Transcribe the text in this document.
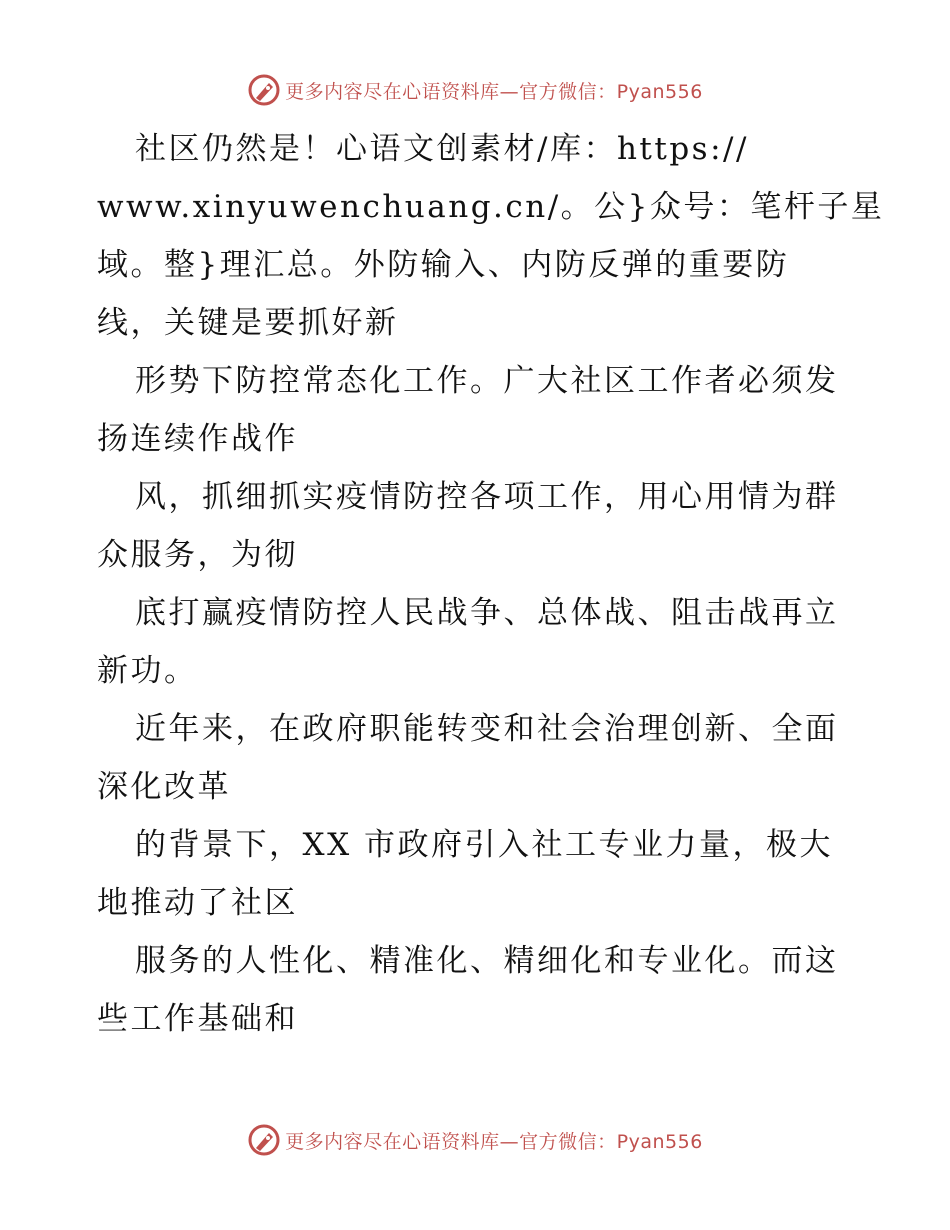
更多内容尽在心语资料库—官方微信：Pyan556
社区仍然是！心语文创素材/库：https://
www.xinyuwenchuang.cn/。公}众号：笔杆子星
域。整}理汇总。外防输入、内防反弹的重要防
线，关键是要抓好新
形势下防控常态化工作。广大社区工作者必须发
扬连续作战作
风，抓细抓实疫情防控各项工作，用心用情为群
众服务，为彻
底打赢疫情防控人民战争、总体战、阻击战再立
新功。
近年来，在政府职能转变和社会治理创新、全面
深化改革
的背景下，XX 市政府引入社工专业力量，极大
地推动了社区
服务的人性化、精准化、精细化和专业化。而这
些工作基础和
更多内容尽在心语资料库—官方微信：Pyan556
